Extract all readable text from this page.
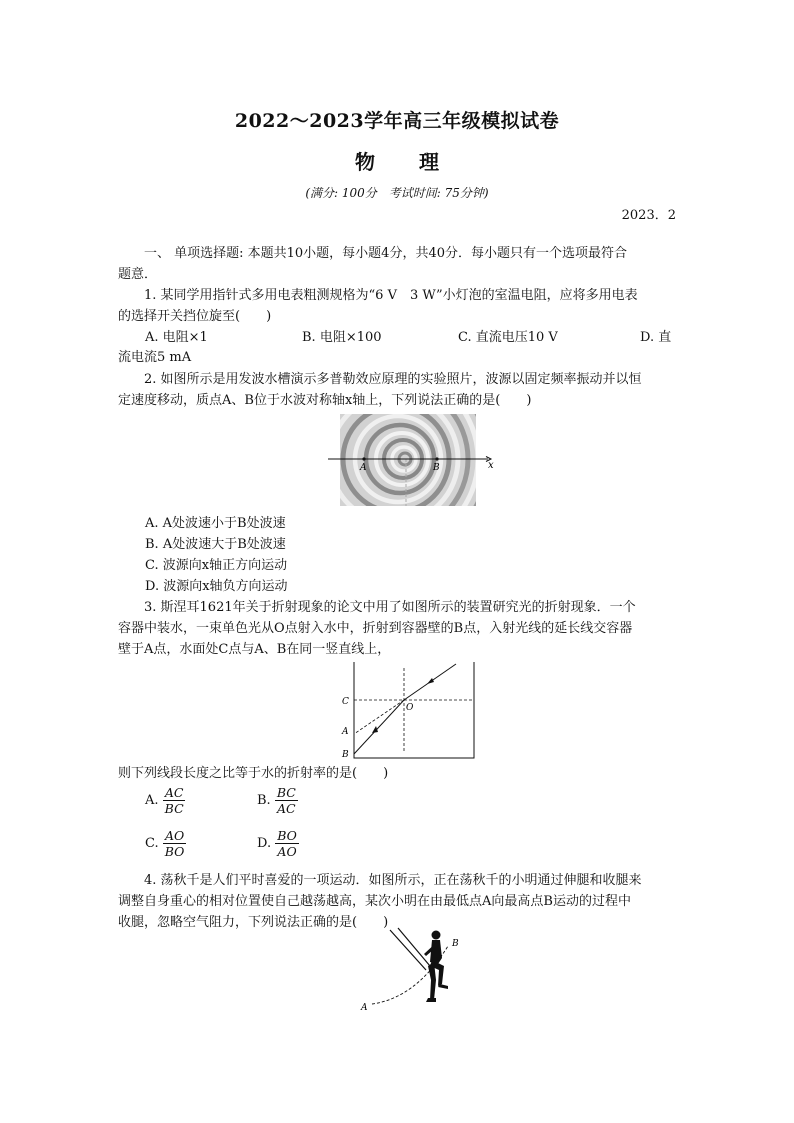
2022～2023学年高三年级模拟试卷
物 理
(满分: 100分　考试时间: 75分钟)
2023．2
一、 单项选择题: 本题共10小题，每小题4分，共40分．每小题只有一个选项最符合
题意．
1. 某同学用指针式多用电表粗测规格为“6 V　3 W”小灯泡的室温电阻，应将多用电表
的选择开关挡位旋至(　　)
A. 电阻×1	B. 电阻×100	C. 直流电压10 V	D. 直
流电流5 mA
2. 如图所示是用发波水槽演示多普勒效应原理的实验照片，波源以固定频率振动并以恒
定速度移动，质点A、B位于水波对称轴x轴上，下列说法正确的是(　　)
A	B	x
A. A处波速小于B处波速
B. A处波速大于B处波速
C. 波源向x轴正方向运动
D. 波源向x轴负方向运动
3. 斯涅耳1621年关于折射现象的论文中用了如图所示的装置研究光的折射现象．一个
容器中装水，一束单色光从O点射入水中，折射到容器壁的B点，入射光线的延长线交容器
壁于A点，水面处C点与A、B在同一竖直线上，
C
O
A
B
则下列线段长度之比等于水的折射率的是(　　)
A. $\frac{AC}{BC}$	B. $\frac{BC}{AC}$
C. $\frac{AO}{BO}$	D. $\frac{BO}{AO}$
4. 荡秋千是人们平时喜爱的一项运动．如图所示，正在荡秋千的小明通过伸腿和收腿来
调整自身重心的相对位置使自己越荡越高，某次小明在由最低点A向最高点B运动的过程中
收腿，忽略空气阻力，下列说法正确的是(　　)
A
B
